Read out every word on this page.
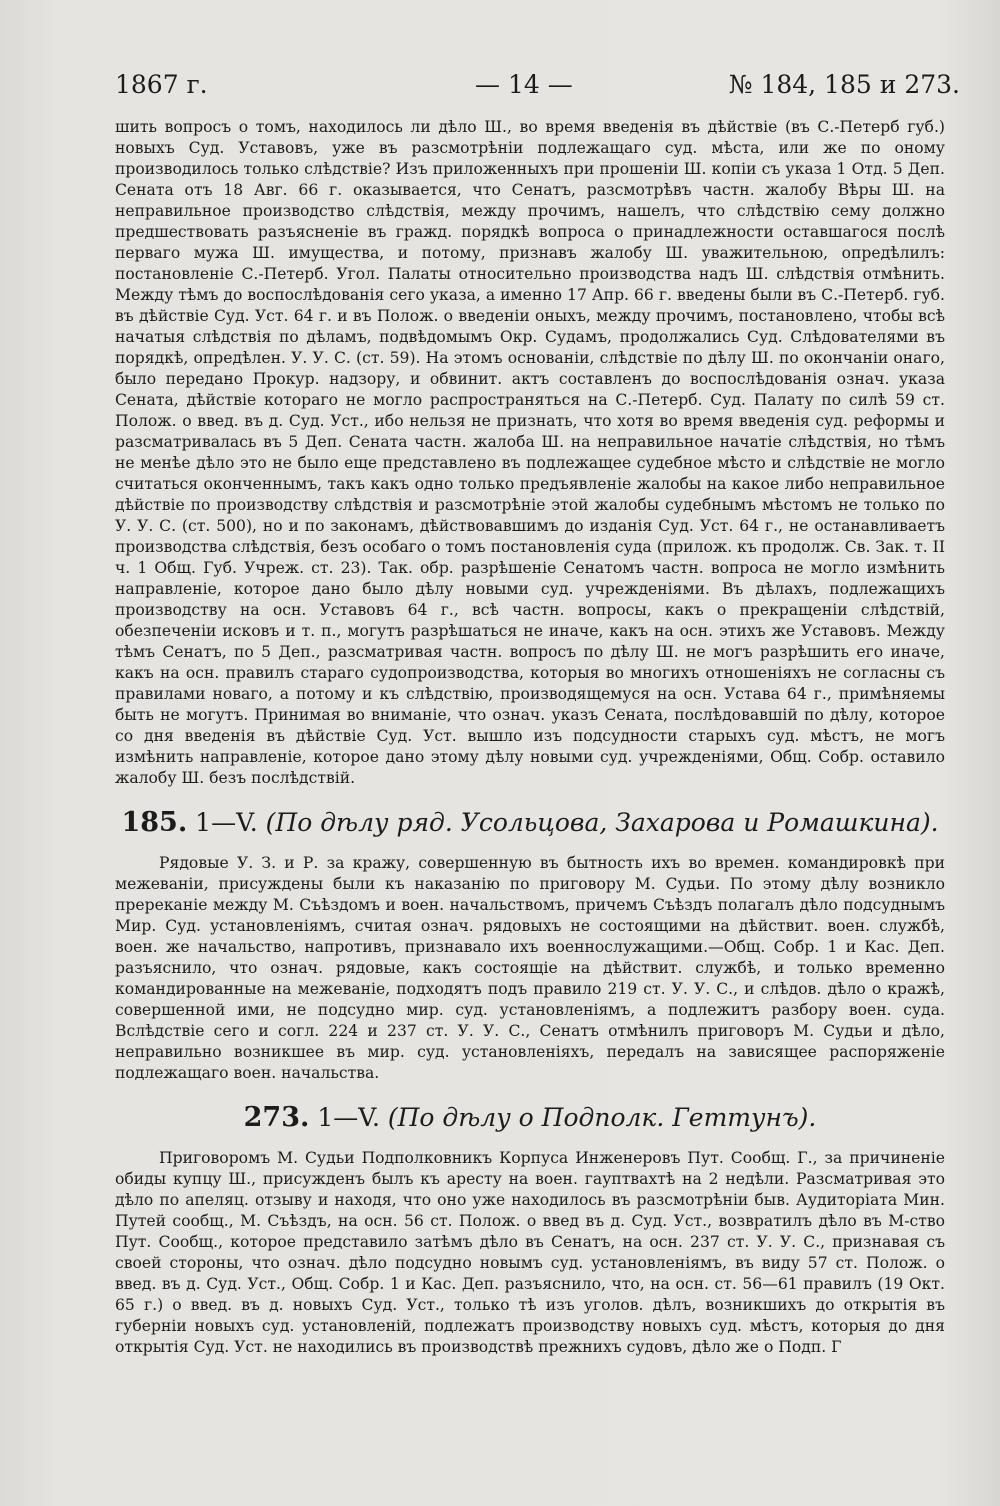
1867 г.	— 14 —	№ 184, 185 и 273.

шить вопросъ о томъ, находилось ли дѣло Ш., во время введенія въ дѣйствіе (въ С.-Петерб губ.) новыхъ Суд. Уставовъ, уже въ разсмотрѣніи подлежащаго суд. мѣста, или же по оному производилось только слѣдствіе? Изъ приложенныхъ при прошеніи Ш. копіи съ указа 1 Отд. 5 Деп. Сената отъ 18 Авг. 66 г. оказывается, что Сенатъ, разсмотрѣвъ частн. жалобу Вѣры Ш. на неправильное производство слѣдствія, между прочимъ, нашелъ, что слѣдствію сему должно предшествовать разъясненіе въ гражд. порядкѣ вопроса о принадлежности оставшагося послѣ перваго мужа Ш. имущества, и потому, признавъ жалобу Ш. уважительною, опредѣлилъ: постановленіе С.-Петерб. Угол. Палаты относительно производства надъ Ш. слѣдствія отмѣнить. Между тѣмъ до воспослѣдованія сего указа, а именно 17 Апр. 66 г. введены были въ С.-Петерб. губ. въ дѣйствіе Суд. Уст. 64 г. и въ Полож. о введеніи оныхъ, между прочимъ, постановлено, чтобы всѣ начатыя слѣдствія по дѣламъ, подвѣдомымъ Окр. Судамъ, продолжались Суд. Слѣдователями въ порядкѣ, опредѣлен. У. У. С. (ст. 59). На этомъ основаніи, слѣдствіе по дѣлу Ш. по окончаніи онаго, было передано Прокур. надзору, и обвинит. актъ составленъ до воспослѣдованія означ. указа Сената, дѣйствіе котораго не могло распространяться на С.-Петерб. Суд. Палату по силѣ 59 ст. Полож. о введ. въ д. Суд. Уст., ибо нельзя не признать, что хотя во время введенія суд. реформы и разсматривалась въ 5 Деп. Сената частн. жалоба Ш. на неправильное начатіе слѣдствія, но тѣмъ не менѣе дѣло это не было еще представлено въ подлежащее судебное мѣсто и слѣдствіе не могло считаться оконченнымъ, такъ какъ одно только предъявленіе жалобы на какое либо неправильное дѣйствіе по производству слѣдствія и разсмотрѣніе этой жалобы судебнымъ мѣстомъ не только по У. У. С. (ст. 500), но и по законамъ, дѣйствовавшимъ до изданія Суд. Уст. 64 г., не останавливаетъ производства слѣдствія, безъ особаго о томъ постановленія суда (прилож. къ продолж. Св. Зак. т. II ч. 1 Общ. Губ. Учреж. ст. 23). Так. обр. разрѣшеніе Сенатомъ частн. вопроса не могло измѣнить направленіе, которое дано было дѣлу новыми суд. учрежденіями. Въ дѣлахъ, подлежащихъ производству на осн. Уставовъ 64 г., всѣ частн. вопросы, какъ о прекращеніи слѣдствій, обезпеченіи исковъ и т. п., могутъ разрѣшаться не иначе, какъ на осн. этихъ же Уставовъ. Между тѣмъ Сенатъ, по 5 Деп., разсматривая частн. вопросъ по дѣлу Ш. не могъ разрѣшить его иначе, какъ на осн. правилъ стараго судопроизводства, которыя во многихъ отношеніяхъ не согласны съ правилами новаго, а потому и къ слѣдствію, производящемуся на осн. Устава 64 г., примѣняемы быть не могутъ. Принимая во вниманіе, что означ. указъ Сената, послѣдовавшій по дѣлу, которое со дня введенія въ дѣйствіе Суд. Уст. вышло изъ подсудности старыхъ суд. мѣстъ, не могъ измѣнить направленіе, которое дано этому дѣлу новыми суд. учрежденіями, Общ. Собр. оставило жалобу Ш. безъ послѣдствій.

185. 1—V. (По дѣлу ряд. Усольцова, Захарова и Ромашкина).

Рядовые У. З. и Р. за кражу, совершенную въ бытность ихъ во времен. командировкѣ при межеваніи, присуждены были къ наказанію по приговору М. Судьи. По этому дѣлу возникло пререканіе между М. Съѣздомъ и воен. начальствомъ, причемъ Съѣздъ полагалъ дѣло подсуднымъ Мир. Суд. установленіямъ, считая означ. рядовыхъ не состоящими на дѣйствит. воен. службѣ, воен. же начальство, напротивъ, признавало ихъ военнослужащими.—Общ. Собр. 1 и Кас. Деп. разъяснило, что означ. рядовые, какъ состоящіе на дѣйствит. службѣ, и только временно командированные на межеваніе, подходятъ подъ правило 219 ст. У. У. С., и слѣдов. дѣло о кражѣ, совершенной ими, не подсудно мир. суд. установленіямъ, а подлежитъ разбору воен. суда. Вслѣдствіе сего и согл. 224 и 237 ст. У. У. С., Сенатъ отмѣнилъ приговоръ М. Судьи и дѣло, неправильно возникшее въ мир. суд. установленіяхъ, передалъ на зависящее распоряженіе подлежащаго воен. начальства.

273. 1—V. (По дѣлу о Подполк. Геттунъ).

Приговоромъ М. Судьи Подполковникъ Корпуса Инженеровъ Пут. Сообщ. Г., за причиненіе обиды купцу Ш., присужденъ былъ къ аресту на воен. гауптвахтѣ на 2 недѣли. Разсматривая это дѣло по апеляц. отзыву и находя, что оно уже находилось въ разсмотрѣніи быв. Аудиторіата Мин. Путей сообщ., М. Съѣздъ, на осн. 56 ст. Полож. о введ въ д. Суд. Уст., возвратилъ дѣло въ М-ство Пут. Сообщ., которое представило затѣмъ дѣло въ Сенатъ, на осн. 237 ст. У. У. С., признавая съ своей стороны, что означ. дѣло подсудно новымъ суд. установленіямъ, въ виду 57 ст. Полож. о введ. въ д. Суд. Уст., Общ. Собр. 1 и Кас. Деп. разъяснило, что, на осн. ст. 56—61 правилъ (19 Окт. 65 г.) о введ. въ д. новыхъ Суд. Уст., только тѣ изъ уголов. дѣлъ, возникшихъ до открытія въ губерніи новыхъ суд. установленій, подлежатъ производству новыхъ суд. мѣстъ, которыя до дня открытія Суд. Уст. не находились въ производствѣ прежнихъ судовъ, дѣло же о Подп. Г
